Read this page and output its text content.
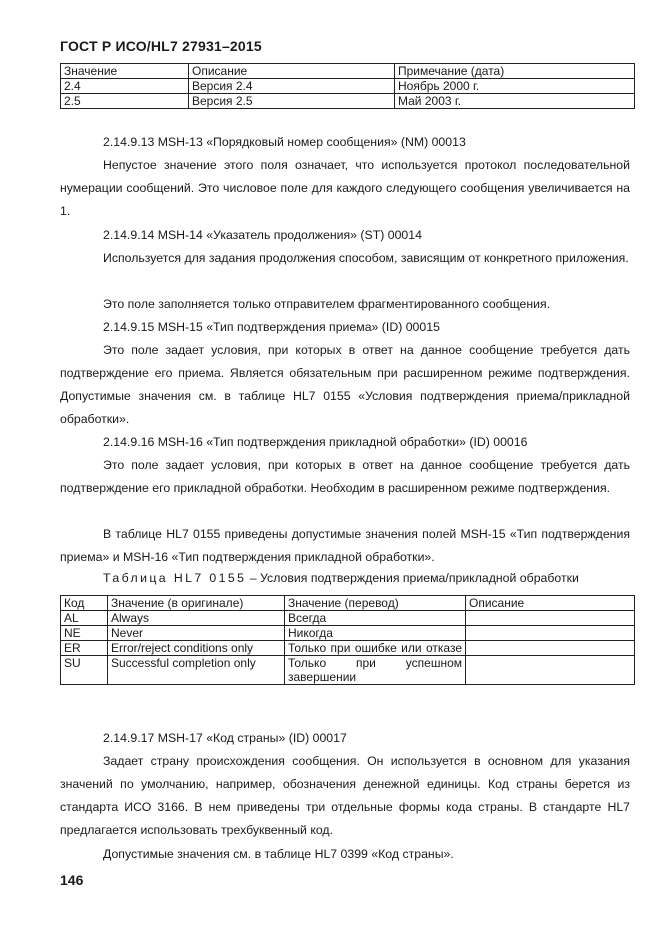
ГОСТ Р ИСО/HL7 27931–2015
Значение	Описание	Примечание (дата)
2.4	Версия 2.4	Ноябрь 2000 г.
2.5	Версия 2.5	Май 2003 г.

2.14.9.13 MSH-13 «Порядковый номер сообщения» (NM) 00013

Непустое значение этого поля означает, что используется протокол последовательной нумерации сообщений. Это числовое поле для каждого следующего сообщения увеличивается на 1.

2.14.9.14 MSH-14 «Указатель продолжения» (ST) 00014

Используется для задания продолжения способом, зависящим от конкретного приложения.

Это поле заполняется только отправителем фрагментированного сообщения.

2.14.9.15 MSH-15 «Тип подтверждения приема» (ID) 00015

Это поле задает условия, при которых в ответ на данное сообщение требуется дать подтверждение его приема. Является обязательным при расширенном режиме подтверждения. Допустимые значения см. в таблице HL7 0155 «Условия подтверждения приема/прикладной обработки».

2.14.9.16 MSH-16 «Тип подтверждения прикладной обработки» (ID) 00016

Это поле задает условия, при которых в ответ на данное сообщение требуется дать подтверждение его прикладной обработки. Необходим в расширенном режиме подтверждения.

В таблице HL7 0155 приведены допустимые значения полей MSH-15 «Тип подтверждения приема» и MSH-16 «Тип подтверждения прикладной обработки».

Таблица HL7 0155 – Условия подтверждения приема/прикладной обработки

Код	Значение (в оригинале)	Значение (перевод)	Описание
AL	Always	Всегда	
NE	Never	Никогда	
ER	Error/reject conditions only	Только при ошибке или отказе	

SU	Successful completion only	Только при успешном завершении	

2.14.9.17 MSH-17 «Код страны» (ID) 00017

Задает страну происхождения сообщения. Он используется в основном для указания значений по умолчанию, например, обозначения денежной единицы. Код страны берется из стандарта ИСО 3166. В нем приведены три отдельные формы кода страны. В стандарте HL7 предлагается использовать трехбуквенный код.

Допустимые значения см. в таблице HL7 0399 «Код страны».

146
